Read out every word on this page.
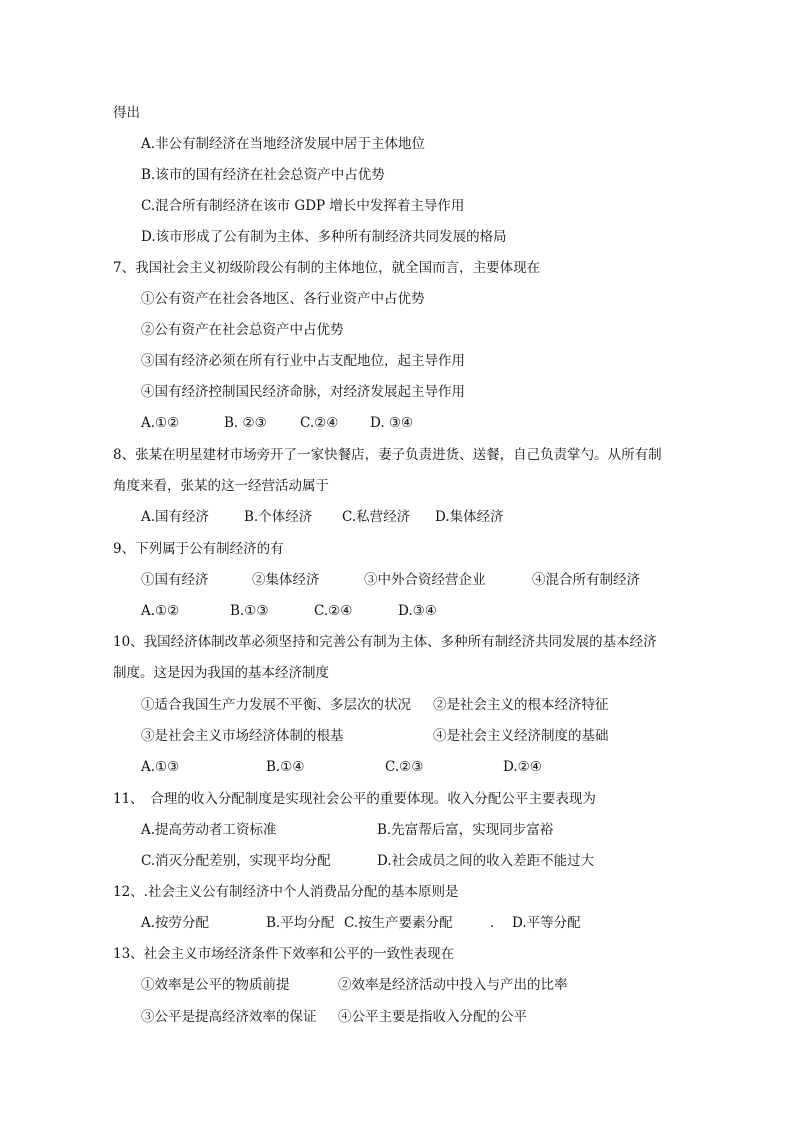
得出
A.非公有制经济在当地经济发展中居于主体地位
B.该市的国有经济在社会总资产中占优势
C.混合所有制经济在该市 GDP 增长中发挥着主导作用
D.该市形成了公有制为主体、多种所有制经济共同发展的格局
7、我国社会主义初级阶段公有制的主体地位，就全国而言，主要体现在
①公有资产在社会各地区、各行业资产中占优势
②公有资产在社会总资产中占优势
③国有经济必须在所有行业中占支配地位，起主导作用
④国有经济控制国民经济命脉，对经济发展起主导作用
A.①②	B. ②③ C.②④ D. ③④
8、张某在明星建材市场旁开了一家快餐店，妻子负责进货、送餐，自己负责掌勺。从所有制
角度来看，张某的这一经营活动属于
A.国有经济	B.个体经济 C.私营经济 D.集体经济
9、下列属于公有制经济的有
①国有经济	②集体经济	③中外合资经营企业	④混合所有制经济
A.①②	B.①③	C.②④	D.③④
10、我国经济体制改革必须坚持和完善公有制为主体、多种所有制经济共同发展的基本经济
制度。这是因为我国的基本经济制度
①适合我国生产力发展不平衡、多层次的状况 ②是社会主义的根本经济特征
③是社会主义市场经济体制的根基	④是社会主义经济制度的基础
A.①③	B.①④	C.②③	D.②④
11、　合理的收入分配制度是实现社会公平的重要体现。收入分配公平主要表现为
A.提高劳动者工资标准	B.先富帮后富，实现同步富裕
C.消灭分配差别，实现平均分配	D.社会成员之间的收入差距不能过大
12、.社会主义公有制经济中个人消费品分配的基本原则是
A.按劳分配	B.平均分配 C.按生产要素分配	. D.平等分配
13、社会主义市场经济条件下效率和公平的一致性表现在
①效率是公平的物质前提	②效率是经济活动中投入与产出的比率
③公平是提高经济效率的保证 ④公平主要是指收入分配的公平
